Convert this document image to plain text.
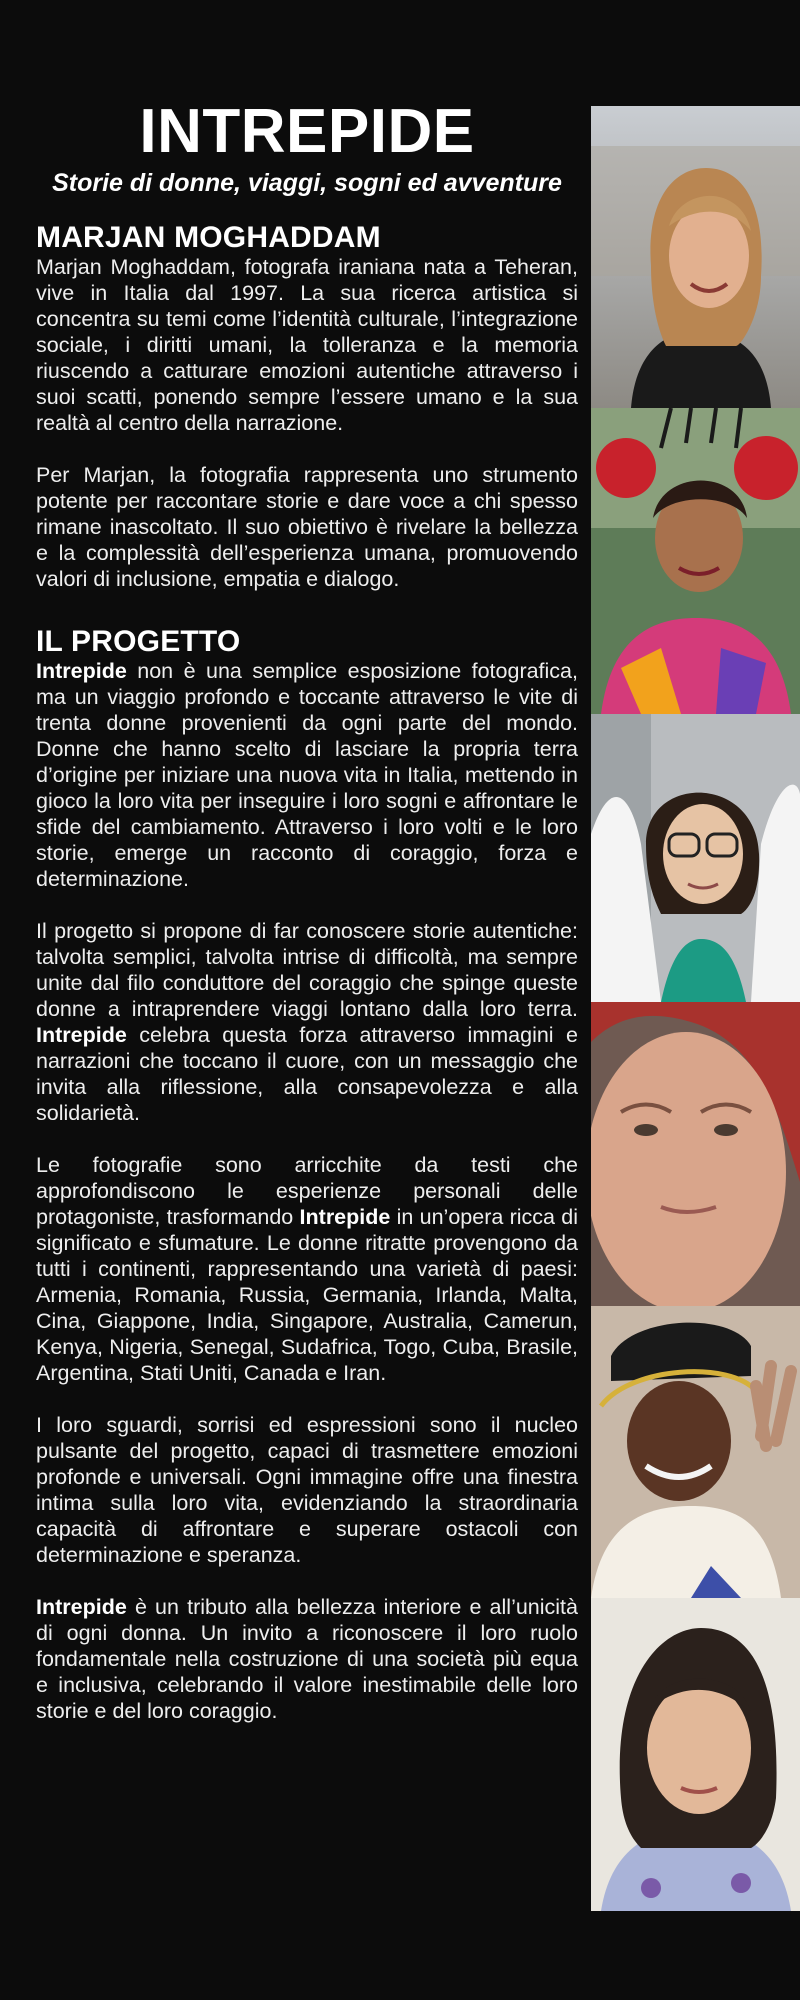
INTREPIDE

Storie di donne, viaggi, sogni ed avventure

MARJAN MOGHADDAM

Marjan Moghaddam, fotografa iraniana nata a Teheran, vive in Italia dal 1997. La sua ricerca artistica si concentra su temi come l’identità culturale, l’integrazione sociale, i diritti umani, la tolleranza e la memoria riuscendo a catturare emozioni autentiche attraverso i suoi scatti, ponendo sempre l’essere umano e la sua realtà al centro della narrazione.

Per Marjan, la fotografia rappresenta uno strumento potente per raccontare storie e dare voce a chi spesso rimane inascoltato. Il suo obiettivo è rivelare la bellezza e la complessità dell’esperienza umana, promuovendo valori di inclusione, empatia e dialogo.

IL PROGETTO

Intrepide non è una semplice esposizione fotografica, ma un viaggio profondo e toccante attraverso le vite di trenta donne provenienti da ogni parte del mondo. Donne che hanno scelto di lasciare la propria terra d’origine per iniziare una nuova vita in Italia, mettendo in gioco la loro vita per inseguire i loro sogni e affrontare le sfide del cambiamento. Attraverso i loro volti e le loro storie, emerge un racconto di coraggio, forza e determinazione.

Il progetto si propone di far conoscere storie autentiche: talvolta semplici, talvolta intrise di difficoltà, ma sempre unite dal filo conduttore del coraggio che spinge queste donne a intraprendere viaggi lontano dalla loro terra. Intrepide celebra questa forza attraverso immagini e narrazioni che toccano il cuore, con un messaggio che invita alla riflessione, alla consapevolezza e alla solidarietà.

Le fotografie sono arricchite da testi che approfondiscono le esperienze personali delle protagoniste, trasformando Intrepide in un’opera ricca di significato e sfumature. Le donne ritratte provengono da tutti i continenti, rappresentando una varietà di paesi: Armenia, Romania, Russia, Germania, Irlanda, Malta, Cina, Giappone, India, Singapore, Australia, Camerun, Kenya, Nigeria, Senegal, Sudafrica, Togo, Cuba, Brasile, Argentina, Stati Uniti, Canada e Iran.

I loro sguardi, sorrisi ed espressioni sono il nucleo pulsante del progetto, capaci di trasmettere emozioni profonde e universali. Ogni immagine offre una finestra intima sulla loro vita, evidenziando la straordinaria capacità di affrontare e superare ostacoli con determinazione e speranza.

Intrepide è un tributo alla bellezza interiore e all’unicità di ogni donna. Un invito a riconoscere il loro ruolo fondamentale nella costruzione di una società più equa e inclusiva, celebrando il valore inestimabile delle loro storie e del loro coraggio.
